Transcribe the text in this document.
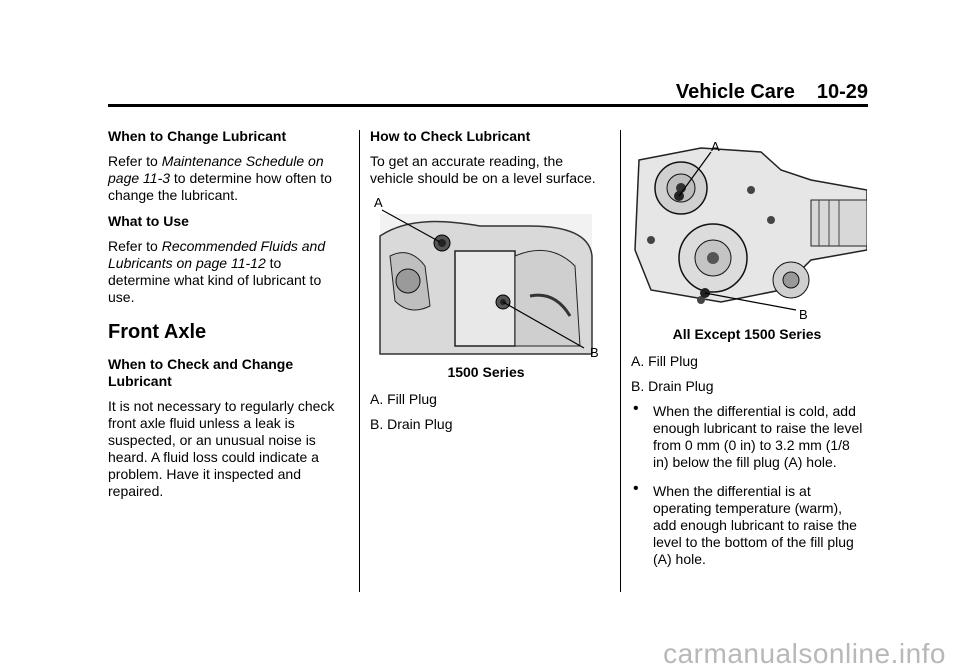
Vehicle Care 10-29
When to Change Lubricant

Refer to Maintenance Schedule on page 11-3 to determine how often to change the lubricant.

What to Use

Refer to Recommended Fluids and Lubricants on page 11-12 to determine what kind of lubricant to use.

Front Axle
When to Check and Change Lubricant

It is not necessary to regularly check front axle fluid unless a leak is suspected, or an unusual noise is heard. A fluid loss could indicate a problem. Have it inspected and repaired.

How to Check Lubricant

To get an accurate reading, the vehicle should be on a level surface.

A
B
1500 Series
A. Fill Plug
B. Drain Plug
A
B
All Except 1500 Series
A. Fill Plug
B. Drain Plug
• When the differential is cold, add enough lubricant to raise the level from 0 mm (0 in) to 3.2 mm (1/8 in) below the fill plug (A) hole.
• When the differential is at operating temperature (warm), add enough lubricant to raise the level to the bottom of the fill plug (A) hole.
carmanualsonline.info
